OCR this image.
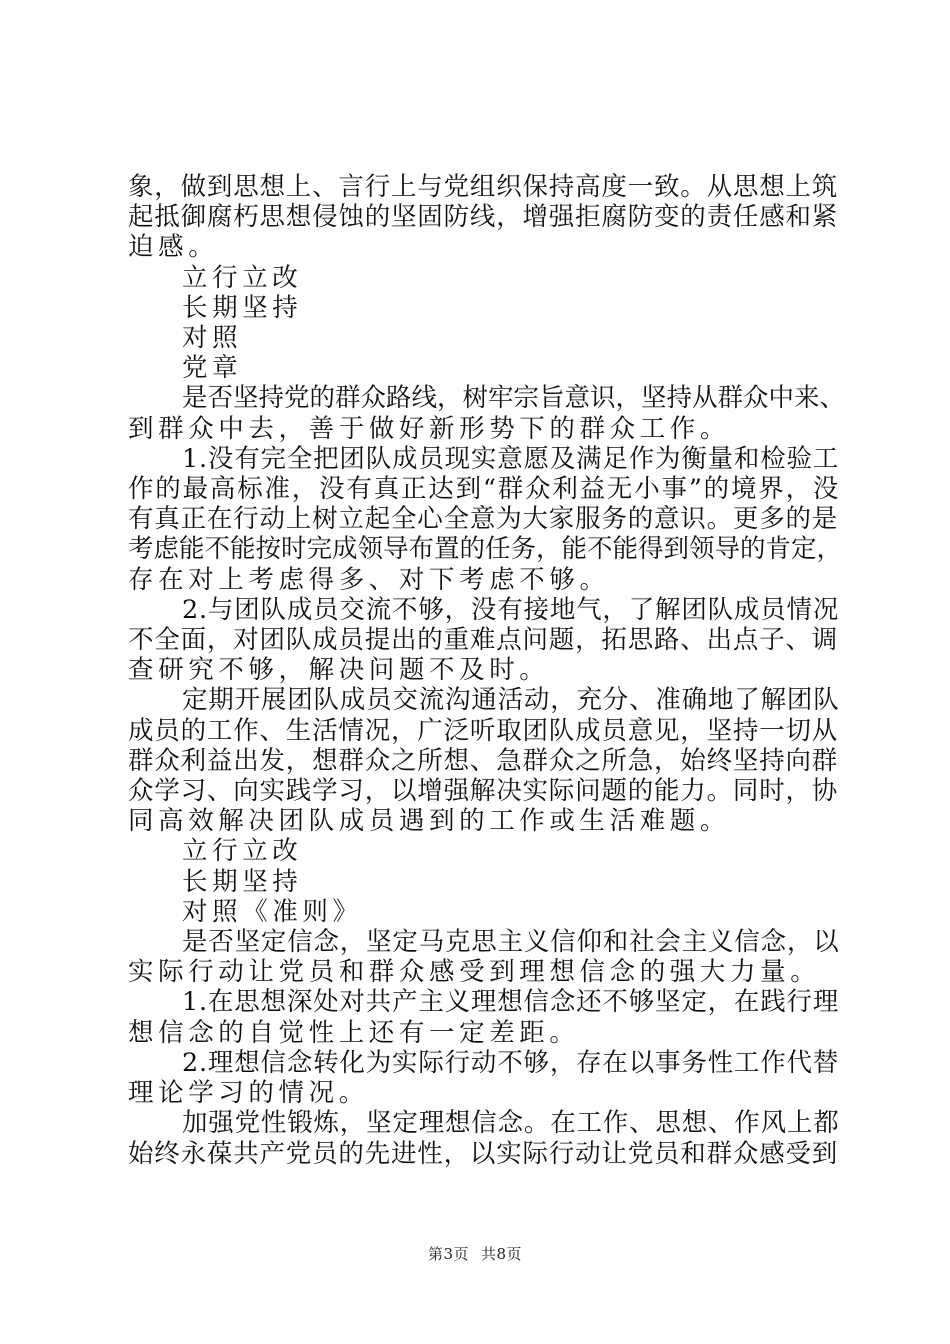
象，做到思想上、言行上与党组织保持高度一致。从思想上筑

起抵御腐朽思想侵蚀的坚固防线，增强拒腐防变的责任感和紧

迫感。

立行立改

长期坚持

对照

党章

是否坚持党的群众路线，树牢宗旨意识，坚持从群众中来、

到群众中去，善于做好新形势下的群众工作。

1.没有完全把团队成员现实意愿及满足作为衡量和检验工

作的最高标准，没有真正达到“群众利益无小事”的境界，没

有真正在行动上树立起全心全意为大家服务的意识。更多的是

考虑能不能按时完成领导布置的任务，能不能得到领导的肯定，

存在对上考虑得多、对下考虑不够。

2.与团队成员交流不够，没有接地气，了解团队成员情况

不全面，对团队成员提出的重难点问题，拓思路、出点子、调

查研究不够，解决问题不及时。

定期开展团队成员交流沟通活动，充分、准确地了解团队

成员的工作、生活情况，广泛听取团队成员意见，坚持一切从

群众利益出发，想群众之所想、急群众之所急，始终坚持向群

众学习、向实践学习，以增强解决实际问题的能力。同时，协

同高效解决团队成员遇到的工作或生活难题。

立行立改

长期坚持

对照《准则》

是否坚定信念，坚定马克思主义信仰和社会主义信念，以

实际行动让党员和群众感受到理想信念的强大力量。

1.在思想深处对共产主义理想信念还不够坚定，在践行理

想信念的自觉性上还有一定差距。

2.理想信念转化为实际行动不够，存在以事务性工作代替

理论学习的情况。

加强党性锻炼，坚定理想信念。在工作、思想、作风上都

始终永葆共产党员的先进性，以实际行动让党员和群众感受到

第3页 共8页
